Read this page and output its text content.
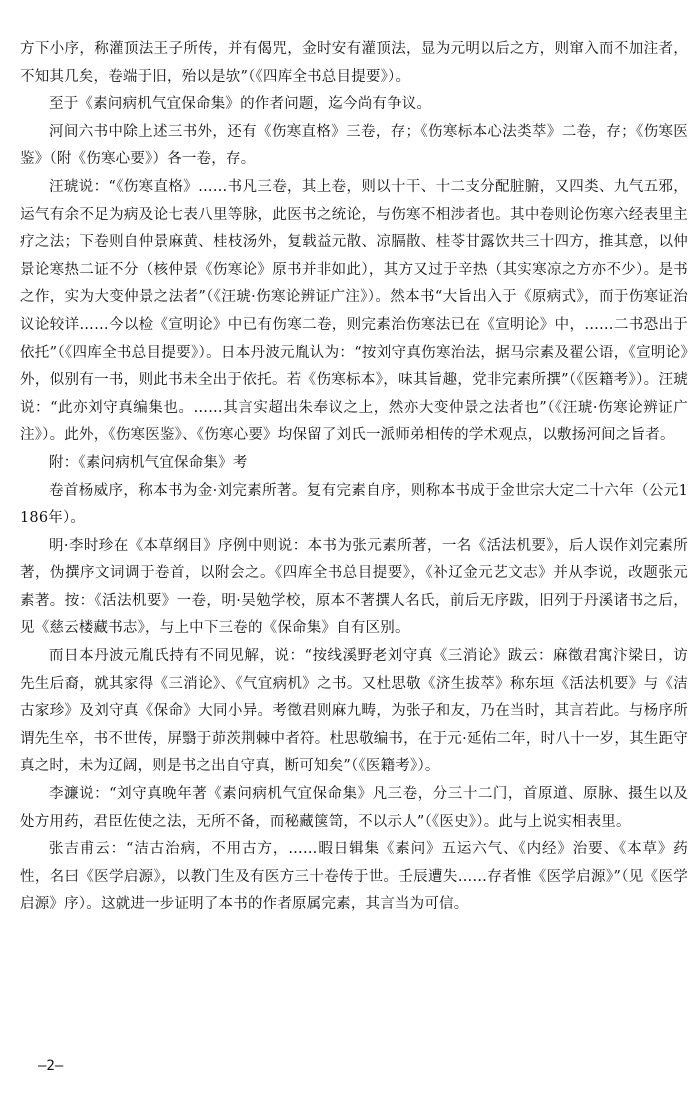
方下小序，称灌顶法王子所传，并有偈咒，金时安有灌顶法，显为元明以后之方，则窜入而不加注者，不知其几矣，卷端于旧，殆以是欤”（《四库全书总目提要》）。

至于《素问病机气宜保命集》的作者问题，迄今尚有争议。

河间六书中除上述三书外，还有《伤寒直格》三卷，存；《伤寒标本心法类萃》二卷，存；《伤寒医鉴》（附《伤寒心要》）各一卷，存。

汪琥说：“《伤寒直格》……书凡三卷，其上卷，则以十干、十二支分配脏腑，又四类、九气五邪，运气有余不足为病及论七表八里等脉，此医书之统论，与伤寒不相涉者也。其中卷则论伤寒六经表里主疗之法；下卷则自仲景麻黄、桂枝汤外，复载益元散、凉膈散、桂苓甘露饮共三十四方，推其意，以仲景论寒热二证不分（核仲景《伤寒论》原书并非如此），其方又过于辛热（其实寒凉之方亦不少）。是书之作，实为大变仲景之法者”（《汪琥·伤寒论辨证广注》）。然本书“大旨出入于《原病式》，而于伤寒证治议论较详……今以检《宣明论》中已有伤寒二卷，则完素治伤寒法已在《宣明论》中，……二书恐出于依托”（《四库全书总目提要》）。日本丹波元胤认为：“按刘守真伤寒治法，据马宗素及翟公语，《宣明论》外，似别有一书，则此书未全出于依托。若《伤寒标本》，味其旨趣，党非完素所撰”（《医籍考》）。汪琥说：“此亦刘守真编集也。……其言实超出朱奉议之上，然亦大变仲景之法者也”（《汪琥·伤寒论辨证广注》）。此外，《伤寒医鉴》、《伤寒心要》均保留了刘氏一派师弟相传的学术观点，以敷扬河间之旨者。

附：《素问病机气宜保命集》考

卷首杨威序，称本书为金·刘完素所著。复有完素自序，则称本书成于金世宗大定二十六年（公元1186年）。

明·李时珍在《本草纲目》序例中则说：本书为张元素所著，一名《活法机要》，后人误作刘完素所著，伪撰序文词调于卷首，以附会之。《四库全书总目提要》，《补辽金元艺文志》并从李说，改题张元素著。按：《活法机要》一卷，明·吴勉学校，原本不著撰人名氏，前后无序跋，旧列于丹溪诸书之后，见《慈云楼藏书志》，与上中下三卷的《保命集》自有区别。

而日本丹波元胤氏持有不同见解，说：“按线溪野老刘守真《三消论》跋云：麻徵君寓汴梁日，访先生后裔，就其家得《三消论》、《气宜病机》之书。又杜思敬《济生拔萃》称东垣《活法机要》与《洁古家珍》及刘守真《保命》大同小异。考徵君则麻九畴，为张子和友，乃在当时，其言若此。与杨序所谓先生卒，书不世传，屏翳于茆茨荆棘中者符。杜思敬编书，在于元·延佑二年，时八十一岁，其生距守真之时，未为辽阔，则是书之出自守真，断可知矣”（《医籍考》）。

李濂说：“刘守真晚年著《素问病机气宜保命集》凡三卷，分三十二门，首原道、原脉、摄生以及处方用药，君臣佐使之法，无所不备，而秘藏箧笥，不以示人”（《医史》）。此与上说实相表里。

张吉甫云：“洁古治病，不用古方，……暇日辑集《素问》五运六气、《内经》治要、《本草》药性，名曰《医学启源》，以教门生及有医方三十卷传于世。壬辰遭失……存者惟《医学启源》”（见《医学启源》序）。这就进一步证明了本书的作者原属完素，其言当为可信。

—2—
